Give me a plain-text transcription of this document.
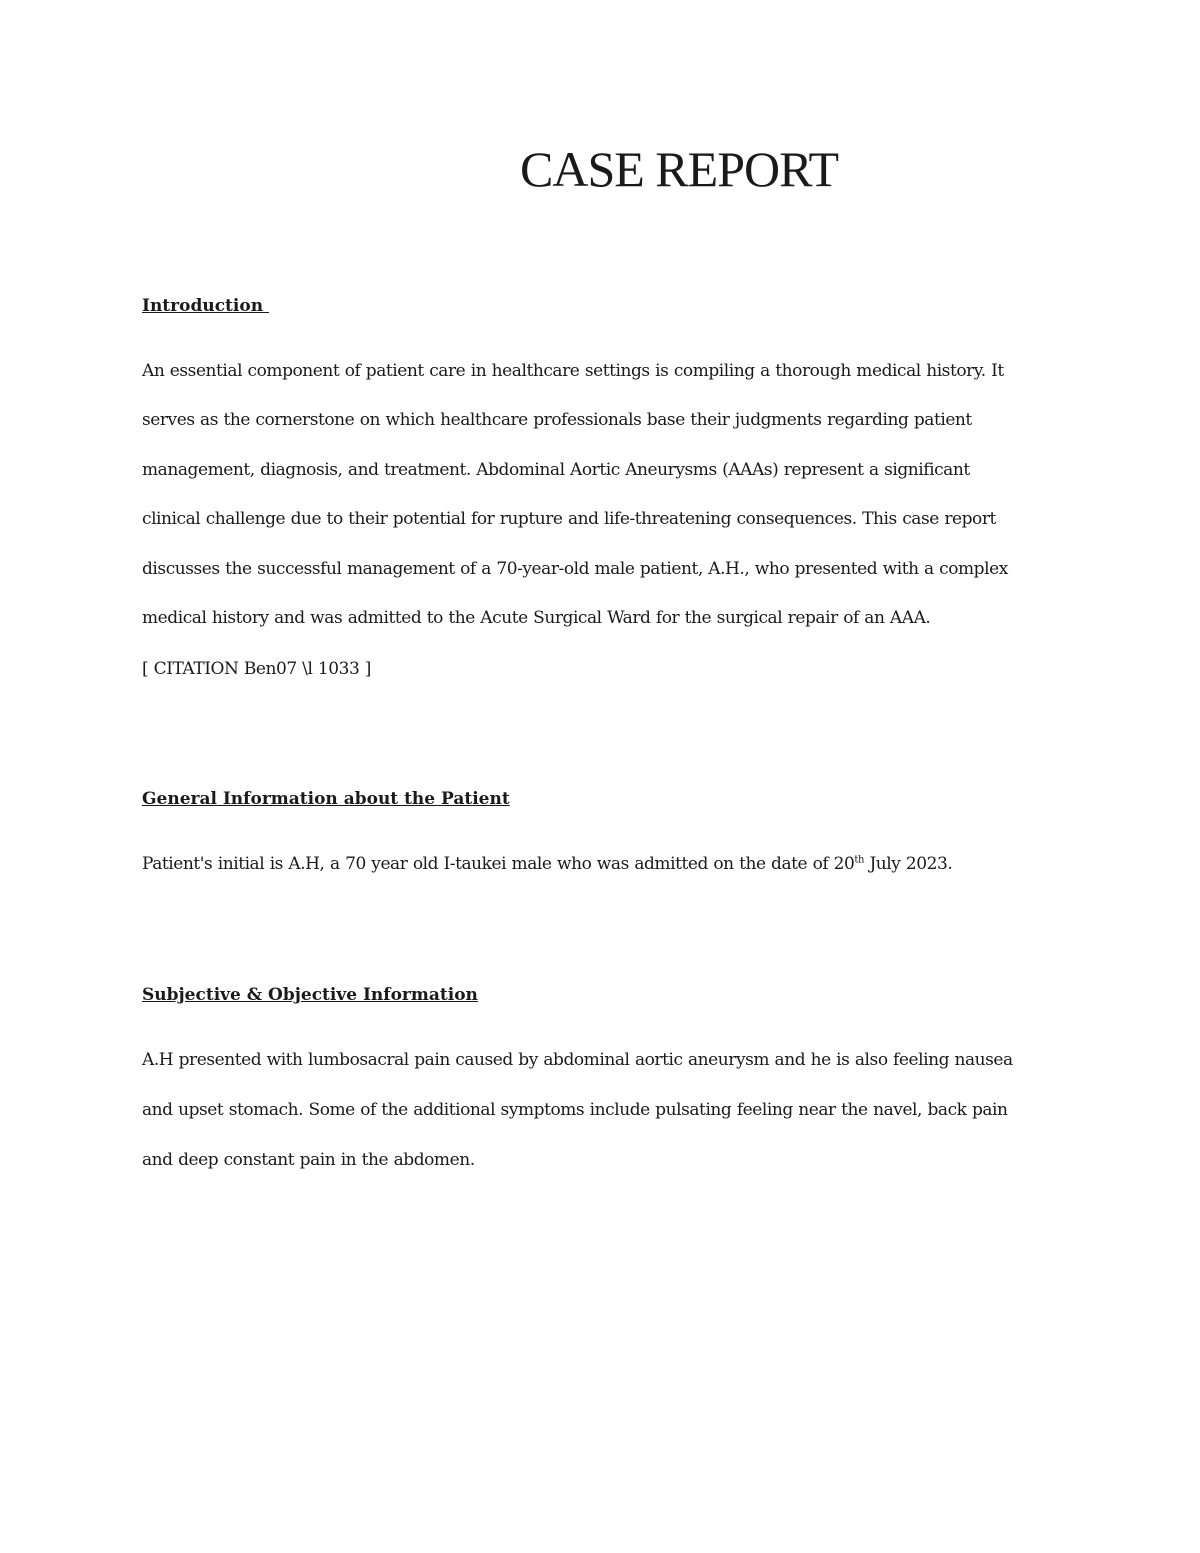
CASE REPORT
Introduction

An essential component of patient care in healthcare settings is compiling a thorough medical history. It

serves as the cornerstone on which healthcare professionals base their judgments regarding patient

management, diagnosis, and treatment. Abdominal Aortic Aneurysms (AAAs) represent a significant

clinical challenge due to their potential for rupture and life-threatening consequences. This case report

discusses the successful management of a 70-year-old male patient, A.H., who presented with a complex

medical history and was admitted to the Acute Surgical Ward for the surgical repair of an AAA.

[ CITATION Ben07 \l 1033 ]

General Information about the Patient

Patient's initial is A.H, a 70 year old I-taukei male who was admitted on the date of 20th July 2023.

Subjective & Objective Information

A.H presented with lumbosacral pain caused by abdominal aortic aneurysm and he is also feeling nausea

and upset stomach. Some of the additional symptoms include pulsating feeling near the navel, back pain

and deep constant pain in the abdomen.
